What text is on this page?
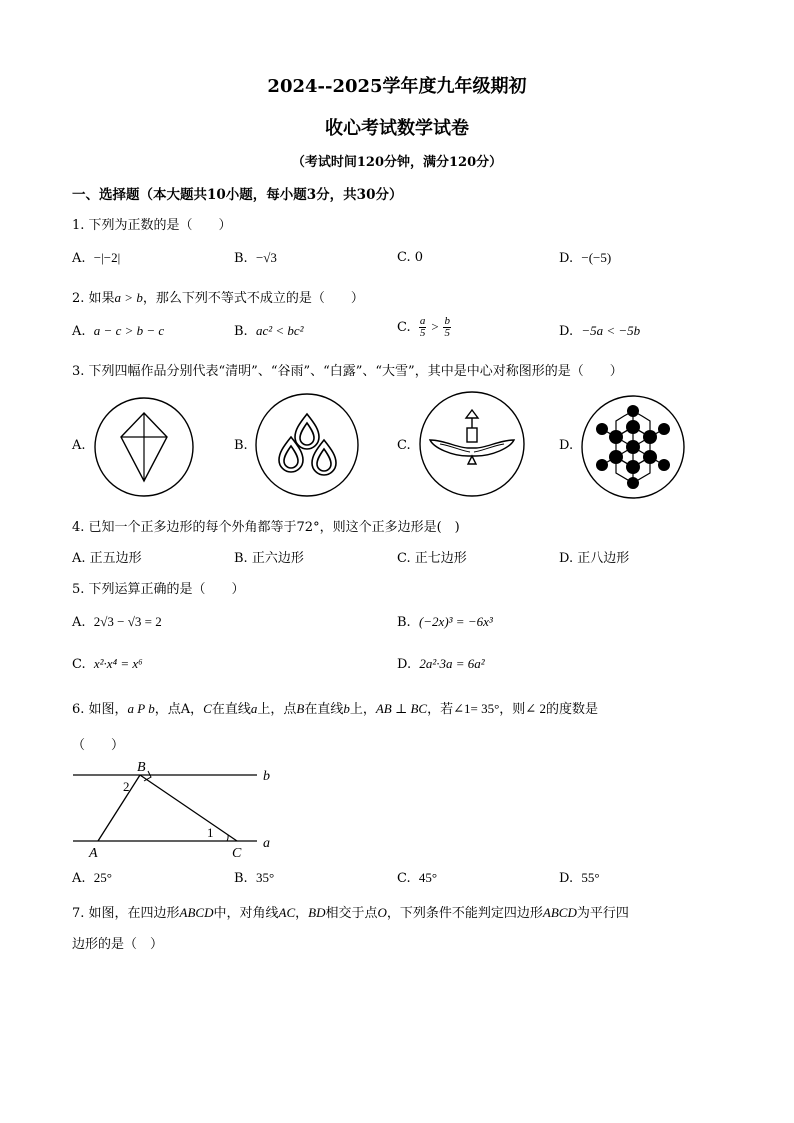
2024--2025学年度九年级期初
收心考试数学试卷
（考试时间120分钟，满分120分）
一、选择题（本大题共10小题，每小题3分，共30分）
1. 下列为正数的是（　　）
A. −|−2|	B. −√3	C. 0	D. −(−5)
2. 如果a > b，那么下列不等式不成立的是（　　）
A. a − c > b − c	B. ac² < bc²	C. $\frac{a}{5} > \frac{b}{5}$	D. −5a < −5b
3. 下列四幅作品分别代表“清明”、“谷雨”、“白露”、“大雪”，其中是中心对称图形的是（　　）
A.	B.	C.	D.
4. 已知一个正多边形的每个外角都等于72°，则这个正多边形是(　)
A. 正五边形	B. 正六边形	C. 正七边形	D. 正八边形
5. 下列运算正确的是（　　）
A. 2√3 − √3 = 2	B. (−2x)³ = −6x³
C. x²·x⁴ = x⁶	D. 2a²·3a = 6a²
6. 如图，a P b，点A，C在直线a上，点B在直线b上，AB ⊥ BC，若∠1= 35°，则∠ 2的度数是
（　　）
B
b
2
1
A	C
a
A. 25°	B. 35°	C. 45°	D. 55°
7. 如图，在四边形ABCD中，对角线AC，BD相交于点O，下列条件不能判定四边形ABCD为平行四
边形的是（　）
